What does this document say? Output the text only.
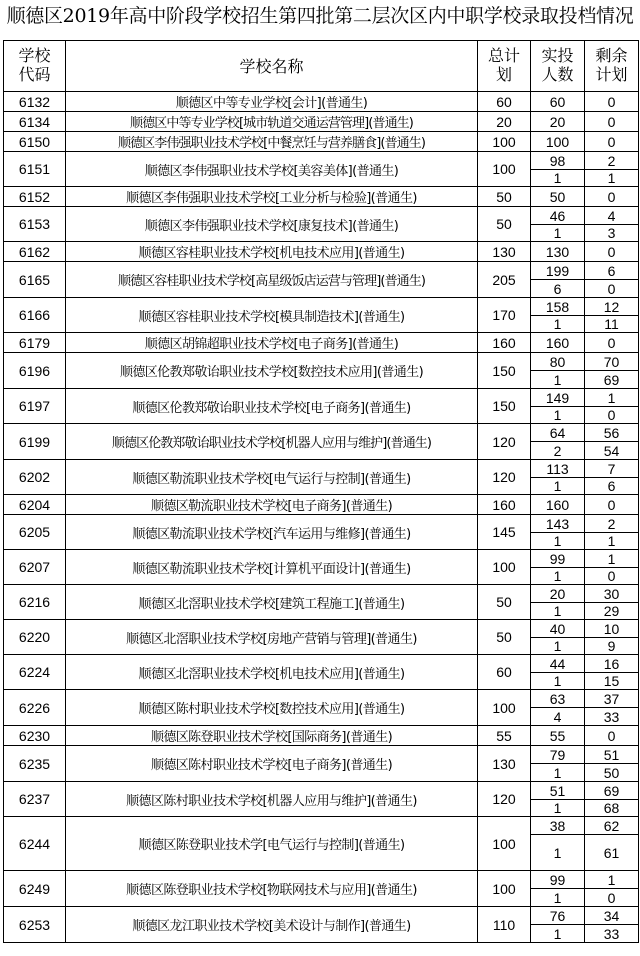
顺德区2019年高中阶段学校招生第四批第二层次区内中职学校录取投档情况
学校代码	学校名称	总计划	实投人数	剩余计划

6132	顺德区中等专业学校[会计](普通生)	60	60	0
6134	顺德区中等专业学校[城市轨道交通运营管理](普通生)	20	20	0
6150	顺德区李伟强职业技术学校[中餐烹饪与营养膳食](普通生)	100	100	0
6151	顺德区李伟强职业技术学校[美容美体](普通生)	100	98	2
			1	1
6152	顺德区李伟强职业技术学校[工业分析与检验](普通生)	50	50	0
6153	顺德区李伟强职业技术学校[康复技术](普通生)	50	46	4
			1	3
6162	顺德区容桂职业技术学校[机电技术应用](普通生)	130	130	0
6165	顺德区容桂职业技术学校[高星级饭店运营与管理](普通生)	205	199	6
			6	0
6166	顺德区容桂职业技术学校[模具制造技术](普通生)	170	158	12
			1	11
6179	顺德区胡锦超职业技术学校[电子商务](普通生)	160	160	0
6196	顺德区伦教郑敬诒职业技术学校[数控技术应用](普通生)	150	80	70
			1	69
6197	顺德区伦教郑敬诒职业技术学校[电子商务](普通生)	150	149	1
			1	0
6199	顺德区伦教郑敬诒职业技术学校[机器人应用与维护](普通生)	120	64	56
			2	54
6202	顺德区勒流职业技术学校[电气运行与控制](普通生)	120	113	7
			1	6
6204	顺德区勒流职业技术学校[电子商务](普通生)	160	160	0
6205	顺德区勒流职业技术学校[汽车运用与维修](普通生)	145	143	2
			1	1
6207	顺德区勒流职业技术学校[计算机平面设计](普通生)	100	99	1
			1	0
6216	顺德区北滘职业技术学校[建筑工程施工](普通生)	50	20	30
			1	29
6220	顺德区北滘职业技术学校[房地产营销与管理](普通生)	50	40	10
			1	9
6224	顺德区北滘职业技术学校[机电技术应用](普通生)	60	44	16
			1	15
6226	顺德区陈村职业技术学校[数控技术应用](普通生)	100	63	37
			4	33
6230	顺德区陈登职业技术学校[国际商务](普通生)	55	55	0
6235	顺德区陈村职业技术学校[电子商务](普通生)	130	79	51
			1	50
6237	顺德区陈村职业技术学校[机器人应用与维护](普通生)	120	51	69
			1	68
6244	顺德区陈登职业技术学[电气运行与控制](普通生)	100	38	62
			1	61
6249	顺德区陈登职业技术学校[物联网技术与应用](普通生)	100	99	1
			1	0
6253	顺德区龙江职业技术学校[美术设计与制作](普通生)	110	76	34
			1	33
